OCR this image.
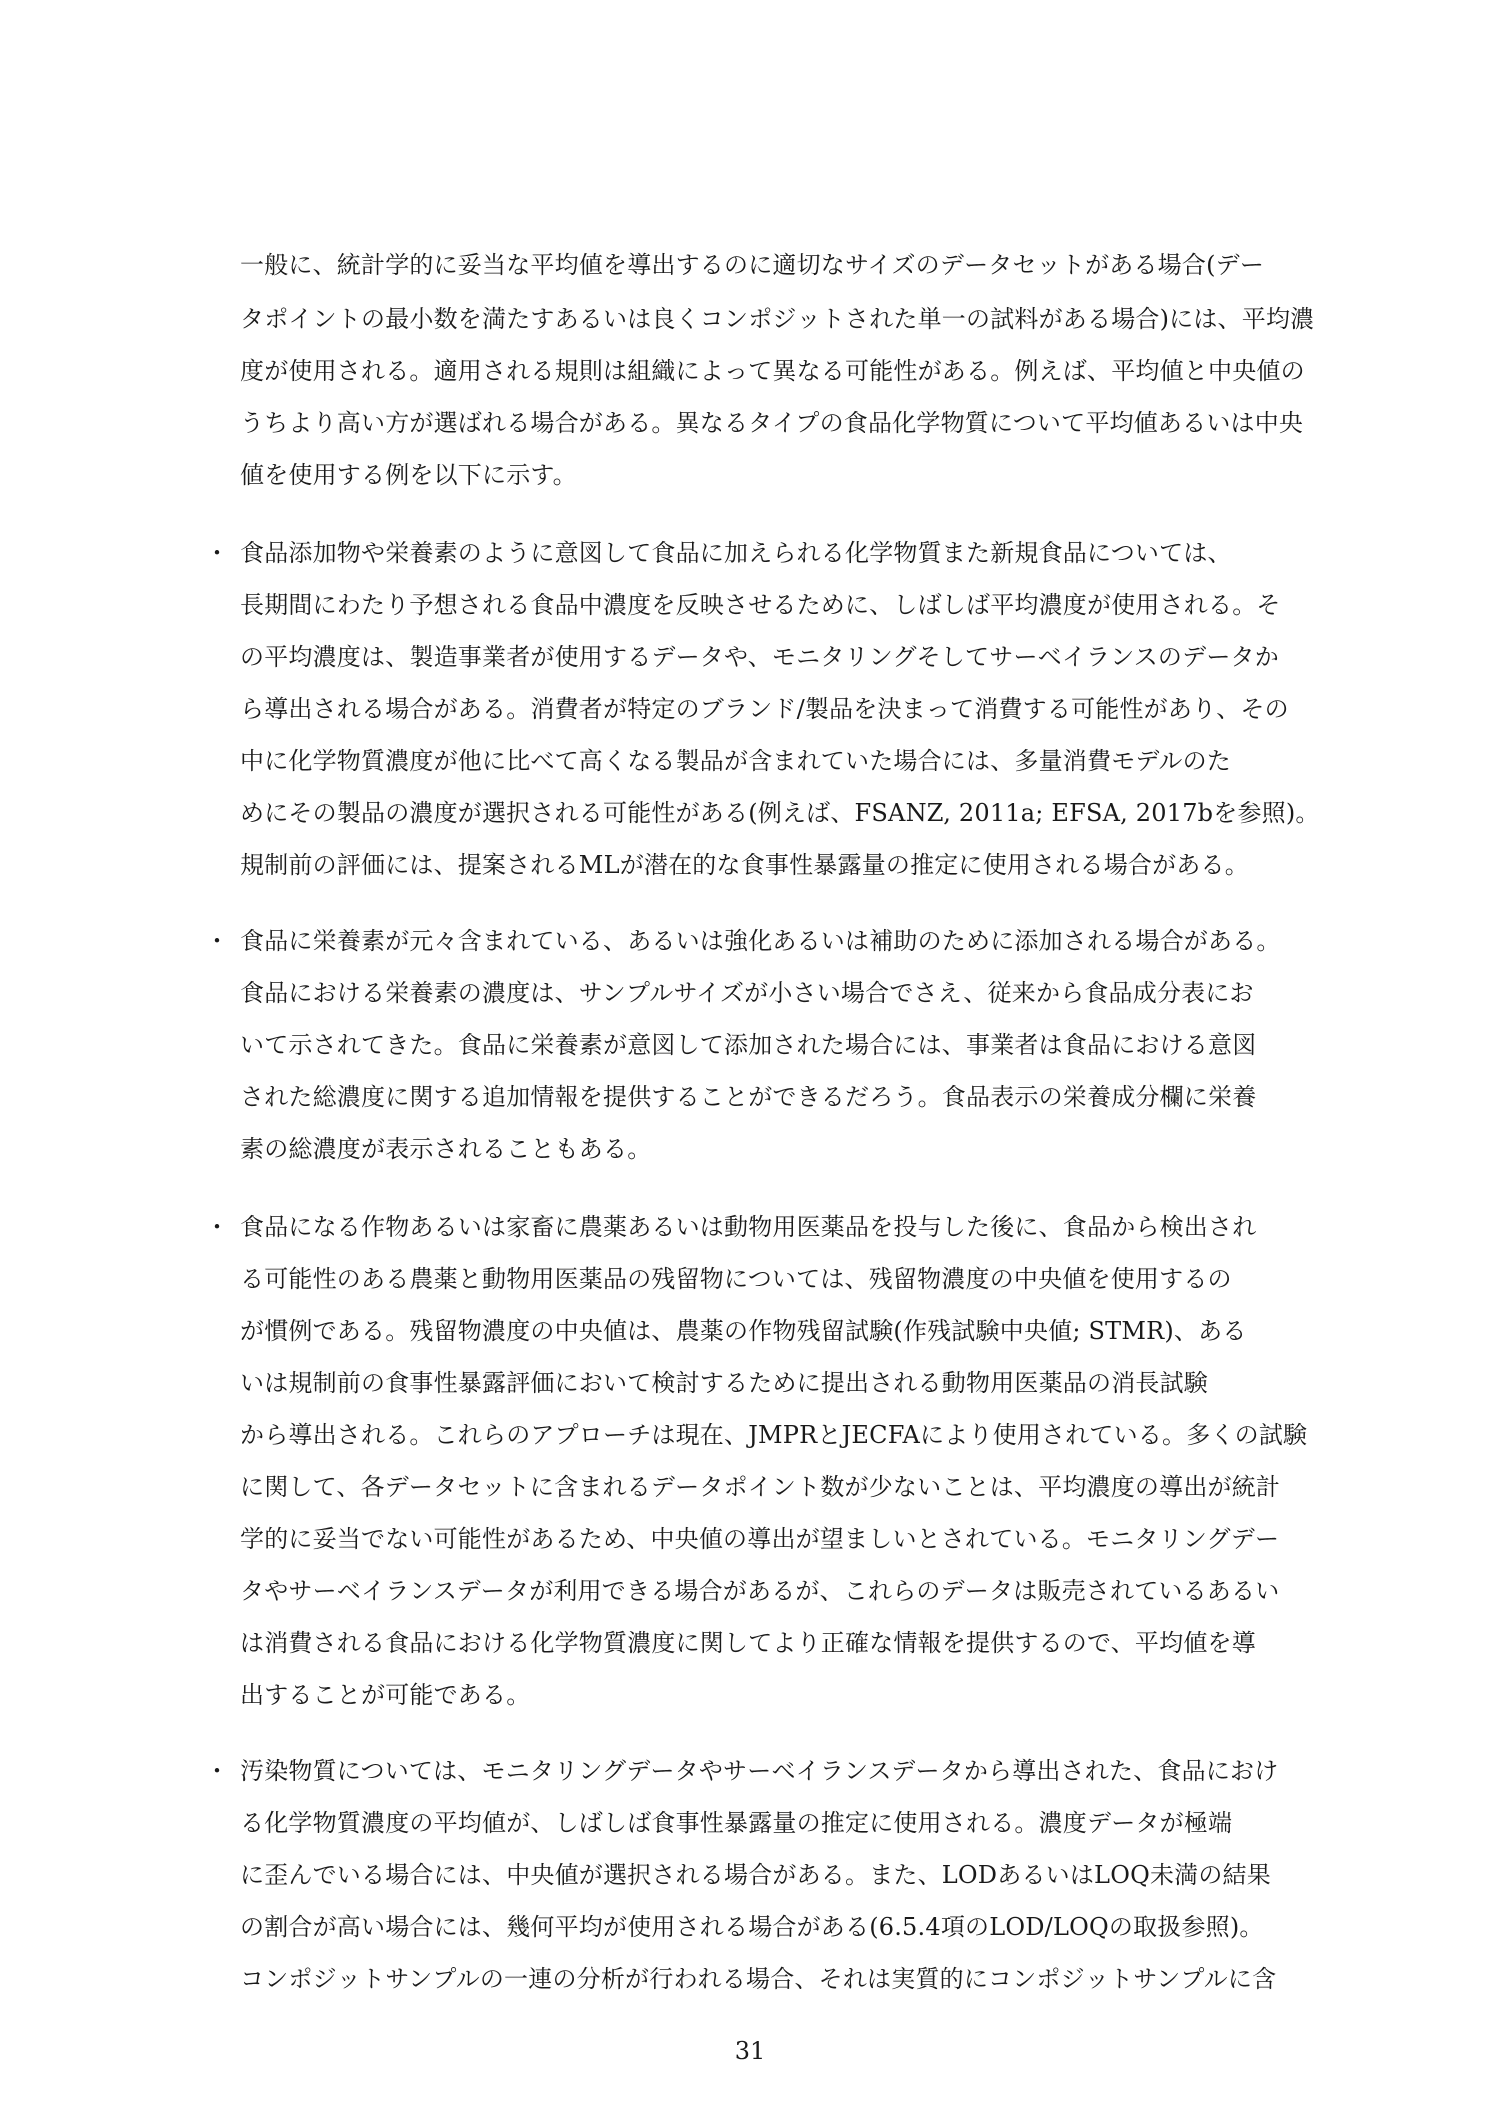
一般に、統計学的に妥当な平均値を導出するのに適切なサイズのデータセットがある場合(デー
タポイントの最小数を満たすあるいは良くコンポジットされた単一の試料がある場合)には、平均濃
度が使用される。適用される規則は組織によって異なる可能性がある。例えば、平均値と中央値の
うちより高い方が選ばれる場合がある。異なるタイプの食品化学物質について平均値あるいは中央
値を使用する例を以下に示す。
・ 食品添加物や栄養素のように意図して食品に加えられる化学物質また新規食品については、
長期間にわたり予想される食品中濃度を反映させるために、しばしば平均濃度が使用される。そ
の平均濃度は、製造事業者が使用するデータや、モニタリングそしてサーベイランスのデータか
ら導出される場合がある。消費者が特定のブランド/製品を決まって消費する可能性があり、その
中に化学物質濃度が他に比べて高くなる製品が含まれていた場合には、多量消費モデルのた
めにその製品の濃度が選択される可能性がある(例えば、FSANZ, 2011a; EFSA, 2017bを参照)。
規制前の評価には、提案されるMLが潜在的な食事性暴露量の推定に使用される場合がある。
・ 食品に栄養素が元々含まれている、あるいは強化あるいは補助のために添加される場合がある。
食品における栄養素の濃度は、サンプルサイズが小さい場合でさえ、従来から食品成分表にお
いて示されてきた。食品に栄養素が意図して添加された場合には、事業者は食品における意図
された総濃度に関する追加情報を提供することができるだろう。食品表示の栄養成分欄に栄養
素の総濃度が表示されることもある。
・ 食品になる作物あるいは家畜に農薬あるいは動物用医薬品を投与した後に、食品から検出され
る可能性のある農薬と動物用医薬品の残留物については、残留物濃度の中央値を使用するの
が慣例である。残留物濃度の中央値は、農薬の作物残留試験(作残試験中央値; STMR)、ある
いは規制前の食事性暴露評価において検討するために提出される動物用医薬品の消長試験
から導出される。これらのアプローチは現在、JMPRとJECFAにより使用されている。多くの試験
に関して、各データセットに含まれるデータポイント数が少ないことは、平均濃度の導出が統計
学的に妥当でない可能性があるため、中央値の導出が望ましいとされている。モニタリングデー
タやサーベイランスデータが利用できる場合があるが、これらのデータは販売されているあるい
は消費される食品における化学物質濃度に関してより正確な情報を提供するので、平均値を導
出することが可能である。
・ 汚染物質については、モニタリングデータやサーベイランスデータから導出された、食品におけ
る化学物質濃度の平均値が、しばしば食事性暴露量の推定に使用される。濃度データが極端
に歪んでいる場合には、中央値が選択される場合がある。また、LODあるいはLOQ未満の結果
の割合が高い場合には、幾何平均が使用される場合がある(6.5.4項のLOD/LOQの取扱参照)。
コンポジットサンプルの一連の分析が行われる場合、それは実質的にコンポジットサンプルに含
31
